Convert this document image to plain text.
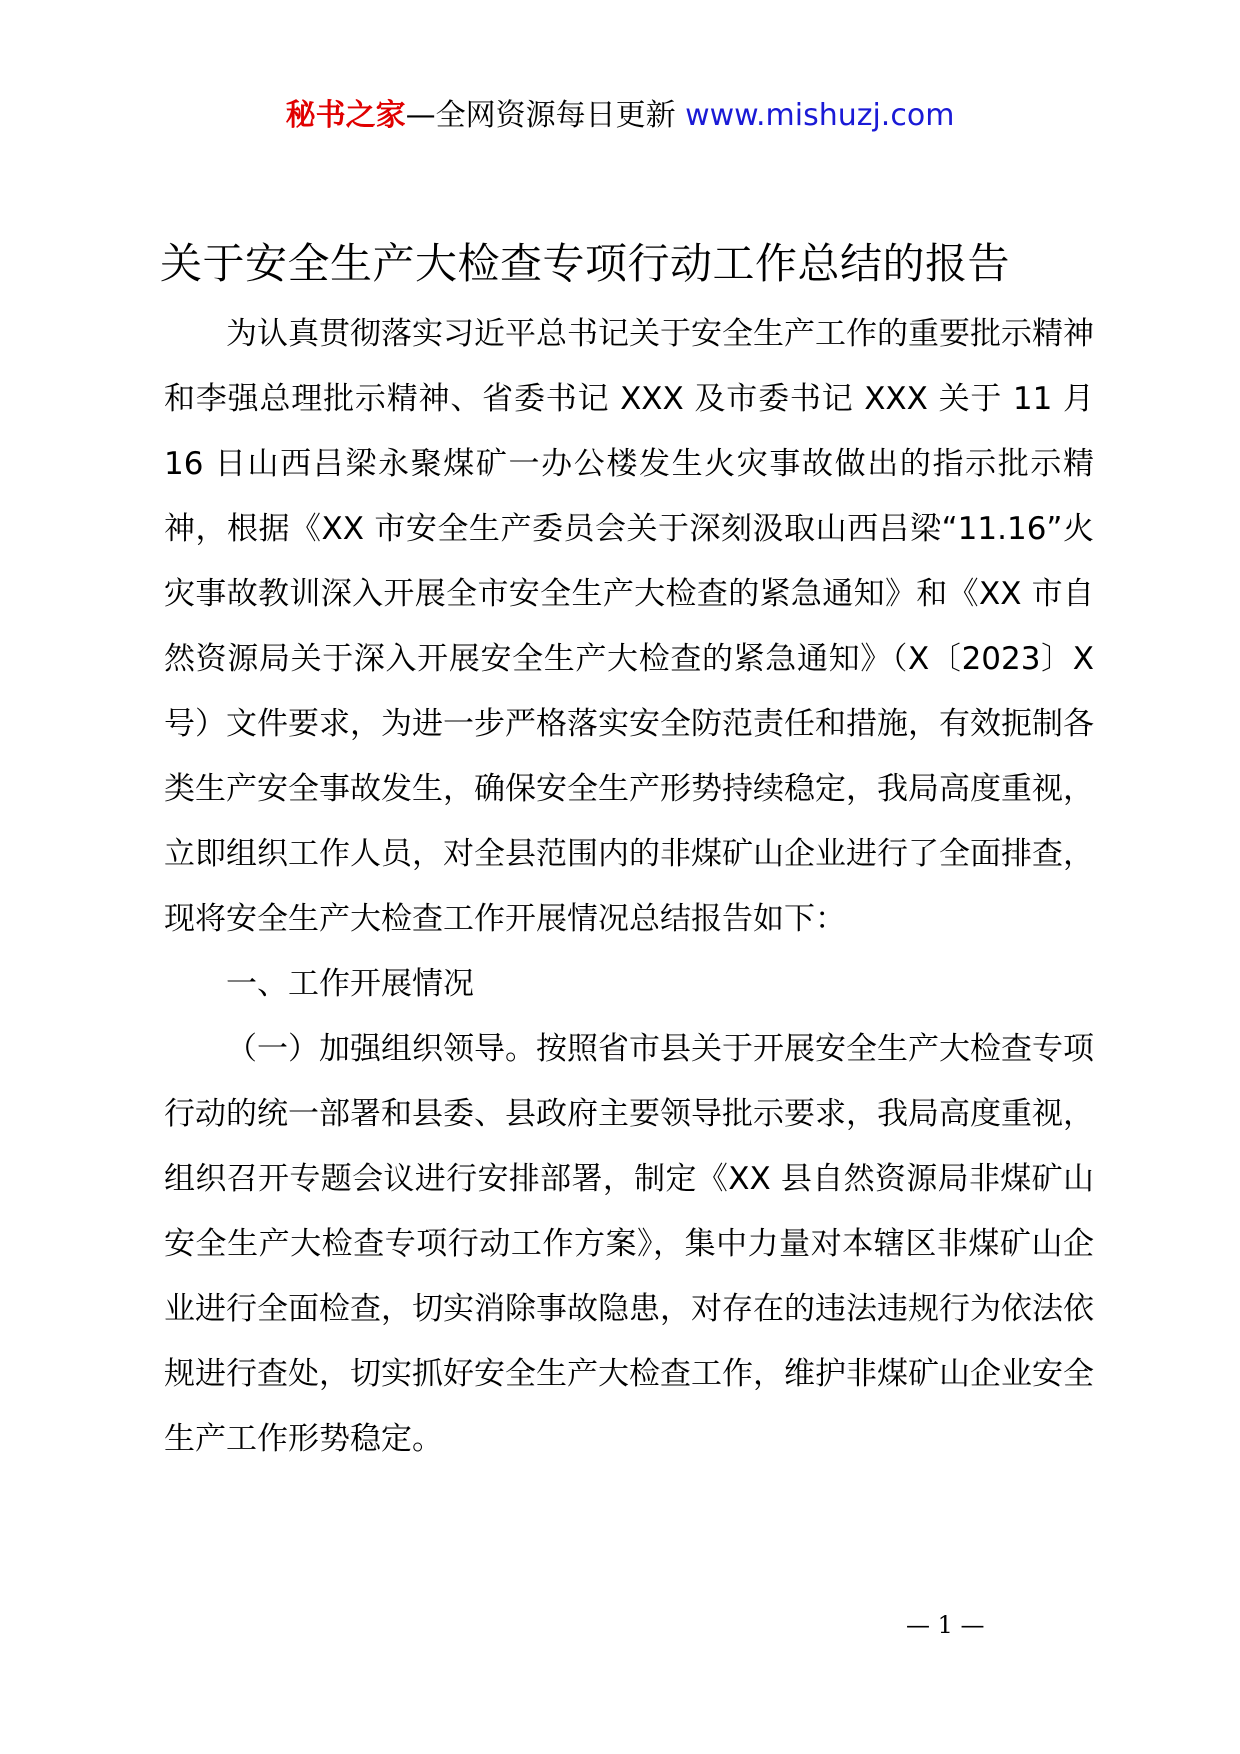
秘书之家—全网资源每日更新 www.mishuzj.com
关于安全生产大检查专项行动工作总结的报告

为认真贯彻落实习近平总书记关于安全生产工作的重要批示精神和李强总理批示精神、省委书记 XXX 及市委书记 XXX 关于 11 月 16 日山西吕梁永聚煤矿一办公楼发生火灾事故做出的指示批示精神，根据《XX 市安全生产委员会关于深刻汲取山西吕梁“11.16”火灾事故教训深入开展全市安全生产大检查的紧急通知》和《XX 市自然资源局关于深入开展安全生产大检查的紧急通知》（X〔2023〕X 号）文件要求，为进一步严格落实安全防范责任和措施，有效扼制各类生产安全事故发生，确保安全生产形势持续稳定，我局高度重视，立即组织工作人员，对全县范围内的非煤矿山企业进行了全面排查，现将安全生产大检查工作开展情况总结报告如下：

一、工作开展情况

（一）加强组织领导。按照省市县关于开展安全生产大检查专项行动的统一部署和县委、县政府主要领导批示要求，我局高度重视，组织召开专题会议进行安排部署，制定《XX 县自然资源局非煤矿山安全生产大检查专项行动工作方案》，集中力量对本辖区非煤矿山企业进行全面检查，切实消除事故隐患，对存在的违法违规行为依法依规进行查处，切实抓好安全生产大检查工作，维护非煤矿山企业安全生产工作形势稳定。

— 1 —
